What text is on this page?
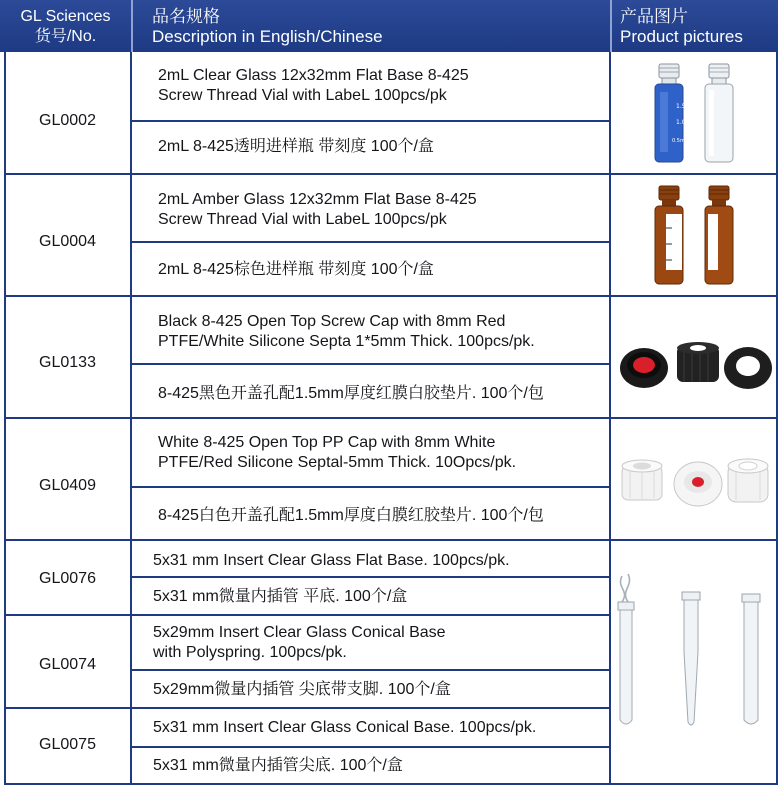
GL Sciences
货号/No.
品名规格
Description in English/Chinese
产品图片
Product pictures
GL0002
2mL Clear Glass 12x32mm Flat Base 8-425
Screw Thread Vial with LabeL 100pcs/pk
2mL 8-425透明进样瓶 带刻度 100个/盒
GL0004
2mL Amber Glass 12x32mm Flat Base 8-425
Screw Thread Vial with LabeL 100pcs/pk
2mL 8-425棕色进样瓶 带刻度 100个/盒
GL0133
Black 8-425 Open Top Screw Cap with 8mm Red
PTFE/White Silicone Septa 1*5mm Thick. 100pcs/pk.
8-425黑色开盖孔配1.5mm厚度红膜白胶垫片. 100个/包
GL0409
White 8-425 Open Top PP Cap with 8mm White
PTFE/Red Silicone Septal-5mm Thick. 10Opcs/pk.
8-425白色开盖孔配1.5mm厚度白膜红胶垫片. 100个/包
GL0076
5x31 mm Insert Clear Glass Flat Base. 100pcs/pk.
5x31 mm微量内插管 平底. 100个/盒
GL0074
5x29mm Insert Clear Glass Conical Base
with Polyspring. 100pcs/pk.
5x29mm微量内插管 尖底带支脚. 100个/盒
GL0075
5x31 mm Insert Clear Glass Conical Base. 100pcs/pk.
5x31 mm微量内插管尖底. 100个/盒
1.5
1.0
0.5ml
